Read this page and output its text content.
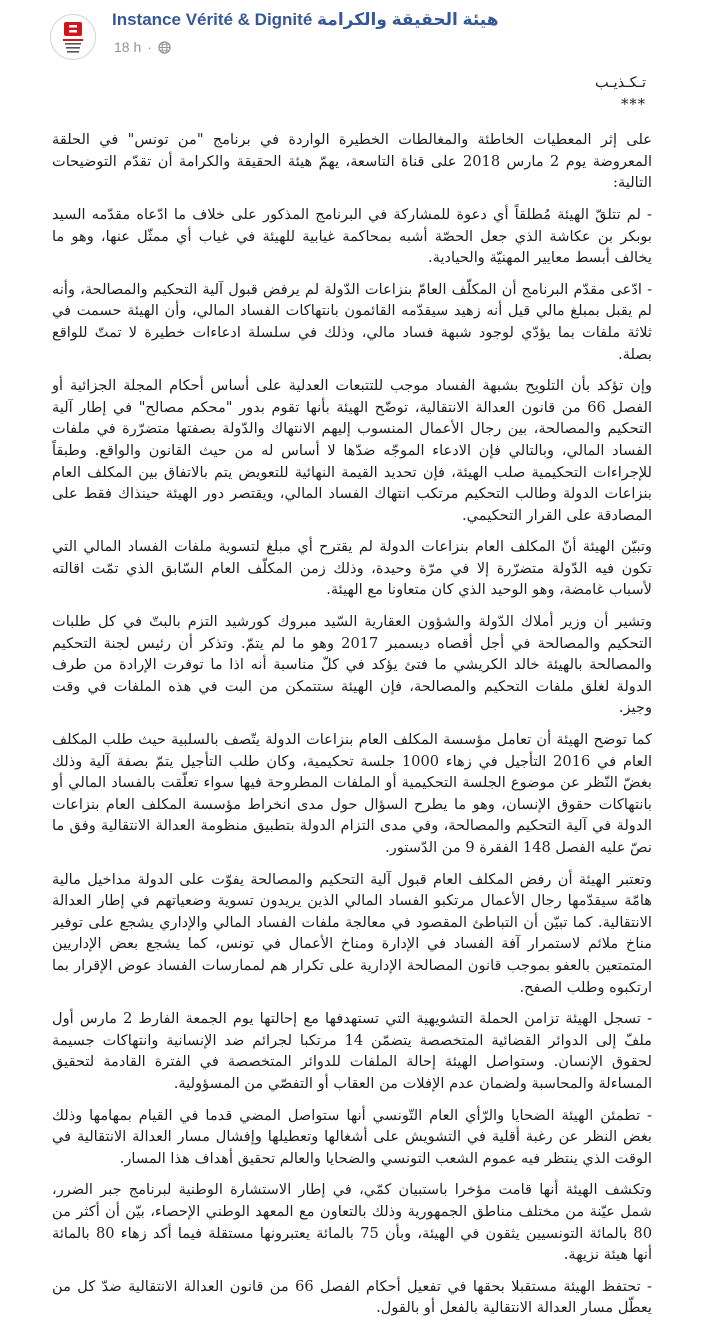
Instance Vérité & Dignité هيئة الحقيقة والكرامة
18 h ·

تـكـذيـب

***

على إثر المعطيات الخاطئة والمغالطات الخطيرة الواردة في برنامج "من تونس" في الحلقة المعروضة يوم 2 مارس 2018 على قناة التاسعة، يهمّ هيئة الحقيقة والكرامة أن تقدّم التوضيحات التالية:

- لم تتلقّ الهيئة مُطلقاً أي دعوة للمشاركة في البرنامج المذكور على خلاف ما ادّعاه مقدّمه السيد بوبكر بن عكاشة الذي جعل الحصّة أشبه بمحاكمة غيابية للهيئة في غياب أي ممثّل عنها، وهو ما يخالف أبسط معايير المهنيّة والحيادية.

- ادّعى مقدّم البرنامج أن المكلّف العامّ بنزاعات الدّولة لم يرفض قبول آلية التحكيم والمصالحة، وأنه لم يقبل بمبلغ مالي قيل أنه زهيد سيقدّمه القائمون بانتهاكات الفساد المالي، وأن الهيئة حسمت في ثلاثة ملفات بما يؤدّي لوجود شبهة فساد مالي، وذلك في سلسلة ادعاءات خطيرة لا تمتّ للواقع بصلة.

وإن تؤكد بأن التلويح بشبهة الفساد موجب للتتبعات العدلية على أساس أحكام المجلة الجزائية أو الفصل 66 من قانون العدالة الانتقالية، توضّح الهيئة بأنها تقوم بدور "محكم مصالح" في إطار آلية التحكيم والمصالحة، بين رجال الأعمال المنسوب إليهم الانتهاك والدّولة بصفتها متضرّرة في ملفات الفساد المالي، وبالتالي فإن الادعاء الموجّه ضدّها لا أساس له من حيث القانون والواقع. وطبقاً للإجراءات التحكيمية صلب الهيئة، فإن تحديد القيمة النهائية للتعويض يتم بالاتفاق بين المكلف العام بنزاعات الدولة وطالب التحكيم مرتكب انتهاك الفساد المالي، ويقتصر دور الهيئة حينذاك فقط على المصادقة على القرار التحكيمي.

وتبيّن الهيئة أنّ المكلف العام بنزاعات الدولة لم يقترح أي مبلغ لتسوية ملفات الفساد المالي التي تكون فيه الدّولة متضرّرة إلا في مرّة وحيدة، وذلك زمن المكلّف العام السّابق الذي تمّت اقالته لأسباب غامضة، وهو الوحيد الذي كان متعاونا مع الهيئة.

وتشير أن وزير أملاك الدّولة والشؤون العقارية السّيد مبروك كورشيد التزم بالبتّ في كل طلبات التحكيم والمصالحة في أجل أقصاه ديسمبر 2017 وهو ما لم يتمّ. وتذكر أن رئيس لجنة التحكيم والمصالحة بالهيئة خالد الكريشي ما فتئ يؤكد في كلّ مناسبة أنه اذا ما توفرت الإرادة من طرف الدولة لغلق ملفات التحكيم والمصالحة، فإن الهيئة ستتمكن من البت في هذه الملفات في وقت وجيز.

كما توضح الهيئة أن تعامل مؤسسة المكلف العام بنزاعات الدولة يتّصف بالسلبية حيث طلب المكلف العام في 2016 التأجيل في زهاء 1000 جلسة تحكيمية، وكان طلب التأجيل يتمّ بصفة آلية وذلك بغضّ النّظر عن موضوع الجلسة التحكيمية أو الملفات المطروحة فيها سواء تعلّقت بالفساد المالي أو بانتهاكات حقوق الإنسان، وهو ما يطرح السؤال حول مدى انخراط مؤسسة المكلف العام بنزاعات الدولة في آلية التحكيم والمصالحة، وفي مدى التزام الدولة بتطبيق منظومة العدالة الانتقالية وفق ما نصّ عليه الفصل 148 الفقرة 9 من الدّستور.

وتعتبر الهيئة أن رفض المكلف العام قبول آلية التحكيم والمصالحة يفوّت على الدولة مداخيل مالية هامّة سيقدّمها رجال الأعمال مرتكبو الفساد المالي الذين يريدون تسوية وضعياتهم في إطار العدالة الانتقالية. كما تبيّن أن التباطئ المقصود في معالجة ملفات الفساد المالي والإداري يشجع على توفير مناخ ملائم لاستمرار آفة الفساد في الإدارة ومناخ الأعمال في تونس، كما يشجع بعض الإداريين المتمتعين بالعفو بموجب قانون المصالحة الإدارية على تكرار هم لممارسات الفساد عوض الإقرار بما ارتكبوه وطلب الصفح.

- تسجل الهيئة تزامن الحملة التشويهية التي تستهدفها مع إحالتها يوم الجمعة الفارط 2 مارس أول ملفّ إلى الدوائر القضائية المتخصصة يتضمّن 14 مرتكبا لجرائم ضد الإنسانية وانتهاكات جسيمة لحقوق الإنسان. وستواصل الهيئة إحالة الملفات للدوائر المتخصصة في الفترة القادمة لتحقيق المساءلة والمحاسبة ولضمان عدم الإفلات من العقاب أو التفصّي من المسؤولية.

- تطمئن الهيئة الضحايا والرّأي العام التّونسي أنها ستواصل المضي قدما في القيام بمهامها وذلك بغض النظر عن رغبة أقلية في التشويش على أشغالها وتعطيلها وإفشال مسار العدالة الانتقالية في الوقت الذي ينتظر فيه عموم الشعب التونسي والضحايا والعالم تحقيق أهداف هذا المسار.

وتكشف الهيئة أنها قامت مؤخرا باستبيان كمّي، في إطار الاستشارة الوطنية لبرنامج جبر الضرر، شمل عيّنة من مختلف مناطق الجمهورية وذلك بالتعاون مع المعهد الوطني الإحصاء، بيّن أن أكثر من 80 بالمائة التونسيين يثقون في الهيئة، وبأن 75 بالمائة يعتبرونها مستقلة فيما أكد زهاء 80 بالمائة أنها هيئة نزيهة.

- تحتفظ الهيئة مستقبلا بحقها في تفعيل أحكام الفصل 66 من قانون العدالة الانتقالية ضدّ كل من يعطّل مسار العدالة الانتقالية بالفعل أو بالقول.
